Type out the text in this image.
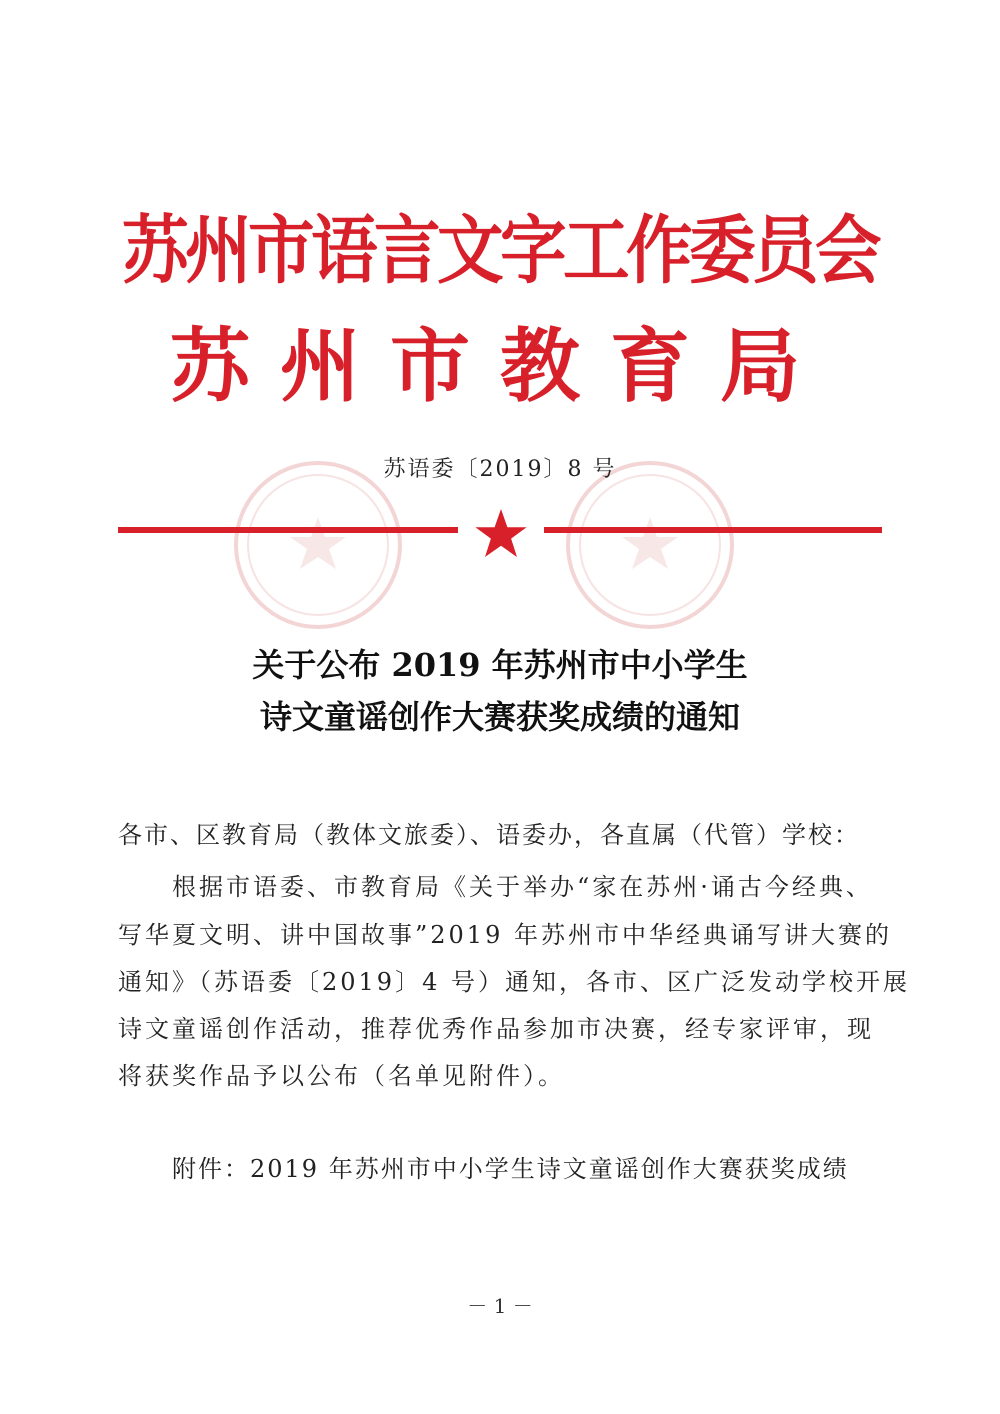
苏州市语言文字工作委员会
苏州市教育局
苏语委〔2019〕8 号
关于公布 2019 年苏州市中小学生
诗文童谣创作大赛获奖成绩的通知
各市、区教育局（教体文旅委）、语委办，各直属（代管）学校：
根据市语委、市教育局《关于举办“家在苏州·诵古今经典、
写华夏文明、讲中国故事”2019 年苏州市中华经典诵写讲大赛的
通知》（苏语委〔2019〕4 号）通知，各市、区广泛发动学校开展
诗文童谣创作活动，推荐优秀作品参加市决赛，经专家评审，现
将获奖作品予以公布（名单见附件）。
附件：2019 年苏州市中小学生诗文童谣创作大赛获奖成绩
－ 1 －
